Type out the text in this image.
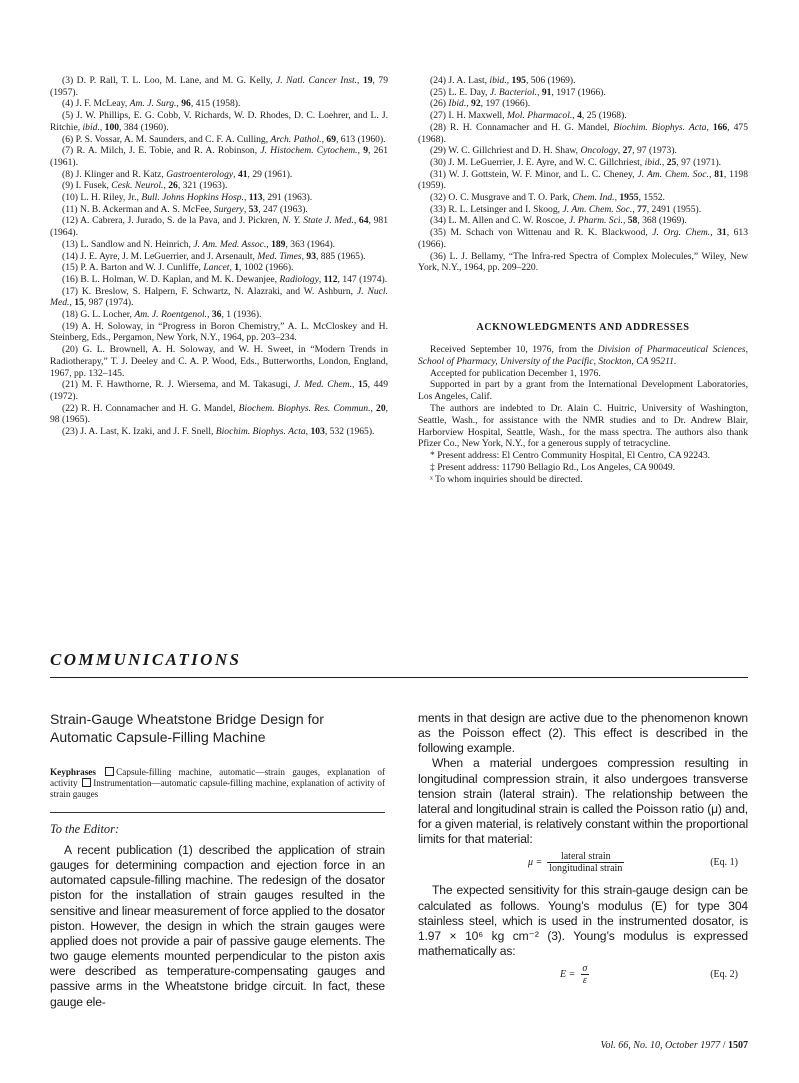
(3) D. P. Rall, T. L. Loo, M. Lane, and M. G. Kelly, J. Natl. Cancer Inst., 19, 79 (1957).

(4) J. F. McLeay, Am. J. Surg., 96, 415 (1958).

(5) J. W. Phillips, E. G. Cobb, V. Richards, W. D. Rhodes, D. C. Loehrer, and L. J. Ritchie, ibid., 100, 384 (1960).

(6) P. S. Vossar, A. M. Saunders, and C. F. A. Culling, Arch. Pathol., 69, 613 (1960).

(7) R. A. Milch, J. E. Tobie, and R. A. Robinson, J. Histochem. Cytochem., 9, 261 (1961).

(8) J. Klinger and R. Katz, Gastroenterology, 41, 29 (1961).

(9) I. Fusek, Cesk. Neurol., 26, 321 (1963).

(10) L. H. Riley, Jr., Bull. Johns Hopkins Hosp., 113, 291 (1963).

(11) N. B. Ackerman and A. S. McFee, Surgery, 53, 247 (1963).

(12) A. Cabrera, J. Jurado, S. de la Pava, and J. Pickren, N. Y. State J. Med., 64, 981 (1964).

(13) L. Sandlow and N. Heinrich, J. Am. Med. Assoc., 189, 363 (1964).

(14) J. E. Ayre, J. M. LeGuerrier, and J. Arsenault, Med. Times, 93, 885 (1965).

(15) P. A. Barton and W. J. Cunliffe, Lancet, 1, 1002 (1966).

(16) B. L. Holman, W. D. Kaplan, and M. K. Dewanjee, Radiology, 112, 147 (1974).

(17) K. Breslow, S. Halpern, F. Schwartz, N. Alazraki, and W. Ashburn, J. Nucl. Med., 15, 987 (1974).

(18) G. L. Locher, Am. J. Roentgenol., 36, 1 (1936).

(19) A. H. Soloway, in “Progress in Boron Chemistry,” A. L. McCloskey and H. Steinberg, Eds., Pergamon, New York, N.Y., 1964, pp. 203–234.

(20) G. L. Brownell, A. H. Soloway, and W. H. Sweet, in “Modern Trends in Radiotherapy,” T. J. Deeley and C. A. P. Wood, Eds., Butterworths, London, England, 1967, pp. 132–145.

(21) M. F. Hawthorne, R. J. Wiersema, and M. Takasugi, J. Med. Chem., 15, 449 (1972).

(22) R. H. Connamacher and H. G. Mandel, Biochem. Biophys. Res. Commun., 20, 98 (1965).

(23) J. A. Last, K. Izaki, and J. F. Snell, Biochim. Biophys. Acta, 103, 532 (1965).

(24) J. A. Last, ibid., 195, 506 (1969).

(25) L. E. Day, J. Bacteriol., 91, 1917 (1966).

(26) Ibid., 92, 197 (1966).

(27) I. H. Maxwell, Mol. Pharmacol., 4, 25 (1968).

(28) R. H. Connamacher and H. G. Mandel, Biochim. Biophys. Acta, 166, 475 (1968).

(29) W. C. Gillchriest and D. H. Shaw, Oncology, 27, 97 (1973).

(30) J. M. LeGuerrier, J. E. Ayre, and W. C. Gillchriest, ibid., 25, 97 (1971).

(31) W. J. Gottstein, W. F. Minor, and L. C. Cheney, J. Am. Chem. Soc., 81, 1198 (1959).

(32) O. C. Musgrave and T. O. Park, Chem. Ind., 1955, 1552.

(33) R. L. Letsinger and I. Skoog, J. Am. Chem. Soc., 77, 2491 (1955).

(34) L. M. Allen and C. W. Roscoe, J. Pharm. Sci., 58, 368 (1969).

(35) M. Schach von Wittenau and R. K. Blackwood, J. Org. Chem., 31, 613 (1966).

(36) L. J. Bellamy, “The Infra-red Spectra of Complex Molecules,” Wiley, New York, N.Y., 1964, pp. 209–220.

ACKNOWLEDGMENTS AND ADDRESSES

Received September 10, 1976, from the Division of Pharmaceutical Sciences, School of Pharmacy, University of the Pacific, Stockton, CA 95211.

Accepted for publication December 1, 1976.

Supported in part by a grant from the International Development Laboratories, Los Angeles, Calif.

The authors are indebted to Dr. Alain C. Huitric, University of Washington, Seattle, Wash., for assistance with the NMR studies and to Dr. Andrew Blair, Harborview Hospital, Seattle, Wash., for the mass spectra. The authors also thank Pfizer Co., New York, N.Y., for a generous supply of tetracycline.

* Present address: El Centro Community Hospital, El Centro, CA 92243.

‡ Present address: 11790 Bellagio Rd., Los Angeles, CA 90049.

ˣ To whom inquiries should be directed.

COMMUNICATIONS
Strain-Gauge Wheatstone Bridge Design for Automatic Capsule-Filling Machine

Keyphrases Capsule-filling machine, automatic—strain gauges, explanation of activity Instrumentation—automatic capsule-filling machine, explanation of activity of strain gauges

To the Editor:

A recent publication (1) described the application of strain gauges for determining compaction and ejection force in an automated capsule-filling machine. The redesign of the dosator piston for the installation of strain gauges resulted in the sensitive and linear measurement of force applied to the dosator piston. However, the design in which the strain gauges were applied does not provide a pair of passive gauge elements. The two gauge elements mounted perpendicular to the piston axis were described as temperature-compensating gauges and passive arms in the Wheatstone bridge circuit. In fact, these gauge ele-

ments in that design are active due to the phenomenon known as the Poisson effect (2). This effect is described in the following example.

When a material undergoes compression resulting in longitudinal compression strain, it also undergoes transverse tension strain (lateral strain). The relationship between the lateral and longitudinal strain is called the Poisson ratio (μ) and, for a given material, is relatively constant within the proportional limits for that material:

$\mu = \frac{\text{lateral strain}}{\text{longitudinal strain}}$	(Eq. 1)

The expected sensitivity for this strain-gauge design can be calculated as follows. Young’s modulus (E) for type 304 stainless steel, which is used in the instrumented dosator, is 1.97 × 10⁶ kg cm⁻² (3). Young’s modulus is expressed mathematically as:

$E = \frac{\sigma}{\varepsilon}$	(Eq. 2)

Vol. 66, No. 10, October 1977 / 1507
